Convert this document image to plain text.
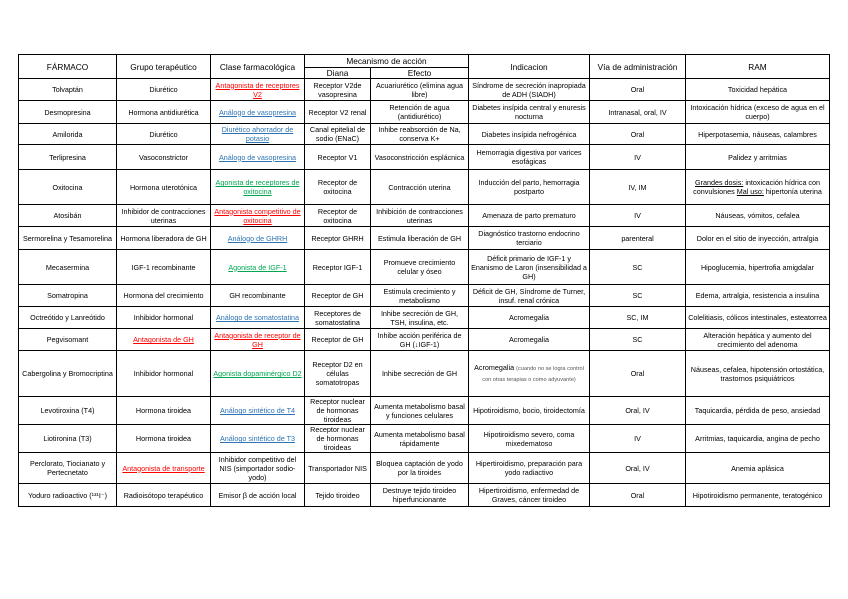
FÁRMACO	Grupo terapéutico	Clase farmacológica	Mecanismo de acción		Indicacion	Vía de administración	RAM
			Diana	Efecto			
Tolvaptán	Diurético	Antagonista de receptores V2	Receptor V2de vasopresina	Acuariurético (elimina agua libre)	Síndrome de secreción inapropiada de ADH (SIADH)	Oral	Toxicidad hepática
Desmopresina	Hormona antidiurética	Análogo de vasopresina	Receptor V2 renal	Retención de agua (antidiurético)	Diabetes insípida central y enuresis nocturna	Intranasal, oral, IV	Intoxicación hídrica (exceso de agua en el cuerpo)
Amilorida	Diurético	Diurético ahorrador de potasio	Canal epitelial de sodio (ENaC)	Inhibe reabsorción de Na, conserva K+	Diabetes insípida nefrogénica	Oral	Hiperpotasemia, náuseas, calambres
Terlipresina	Vasoconstrictor	Análogo de vasopresina	Receptor V1	Vasoconstricción esplácnica	Hemorragia digestiva por varices esofágicas	IV	Palidez y arritmias
Oxitocina	Hormona uterotónica	Agonista de receptores de oxitocina	Receptor de oxitocina	Contracción uterina	Inducción del parto, hemorragia postparto	IV, IM	Grandes dosis: intoxicación hídrica con convulsiones Mal uso: hipertonía uterina
Atosibán	Inhibidor de contracciones uterinas	Antagonista competitivo de oxitocina	Receptor de oxitocina	Inhibición de contracciones uterinas	Amenaza de parto prematuro	IV	Náuseas, vómitos, cefalea
Sermorelina y Tesamorelina	Hormona liberadora de GH	Análogo de GHRH	Receptor GHRH	Estimula liberación de GH	Diagnóstico trastorno endocrino terciario	parenteral	Dolor en el sitio de inyección, artralgia
Mecasermina	IGF-1 recombinante	Agonista de IGF-1	Receptor IGF-1	Promueve crecimiento celular y óseo	Déficit primario de IGF-1 y Enanismo de Laron (insensibilidad a GH)	SC	Hipoglucemia, hipertrofia amigdalar
Somatropina	Hormona del crecimiento	GH recombinante	Receptor de GH	Estimula crecimiento y metabolismo	Déficit de GH, Síndrome de Turner, insuf. renal crónica	SC	Edema, artralgia, resistencia a insulina
Octreótido y Lanreótido	Inhibidor hormonal	Análogo de somatostatina	Receptores de somatostatina	Inhibe secreción de GH, TSH, insulina, etc.	Acromegalia	SC, IM	Colelitiasis, cólicos intestinales, esteatorrea
Pegvisomant	Antagonista de GH	Antagonista de receptor de GH	Receptor de GH	Inhibe acción periférica de GH (↓IGF-1)	Acromegalia	SC	Alteración hepática y aumento del crecimiento del adenoma
Cabergolina y Bromocriptina	Inhibidor hormonal	Agonista dopaminérgico D2	Receptor D2 en células somatotropas	Inhibe secreción de GH	Acromegalia (cuando no se logra control con otras terapias o como adyuvante)	Oral	Náuseas, cefalea, hipotensión ortostática, trastornos psiquiátricos
Levotiroxina (T4)	Hormona tiroidea	Análogo sintético de T4	Receptor nuclear de hormonas tiroideas	Aumenta metabolismo basal y funciones celulares	Hipotiroidismo, bocio, tiroidectomía	Oral, IV	Taquicardia, pérdida de peso, ansiedad
Liotironina (T3)	Hormona tiroidea	Análogo sintético de T3	Receptor nuclear de hormonas tiroideas	Aumenta metabolismo basal rápidamente	Hipotiroidismo severo, coma mixedematoso	IV	Arritmias, taquicardia, angina de pecho
Perclorato, Tiocianato y Pertecnetato	Antagonista de transporte	Inhibidor competitivo del NIS (simportador sodio-yodo)	Transportador NIS	Bloquea captación de yodo por la tiroides	Hipertiroidismo, preparación para yodo radiactivo	Oral, IV	Anemia aplásica
Yoduro radioactivo (¹³¹I⁻)	Radioisótopo terapéutico	Emisor β de acción local	Tejido tiroideo	Destruye tejido tiroideo hiperfuncionante	Hipertiroidismo, enfermedad de Graves, cáncer tiroideo	Oral	Hipotiroidismo permanente, teratogénico
